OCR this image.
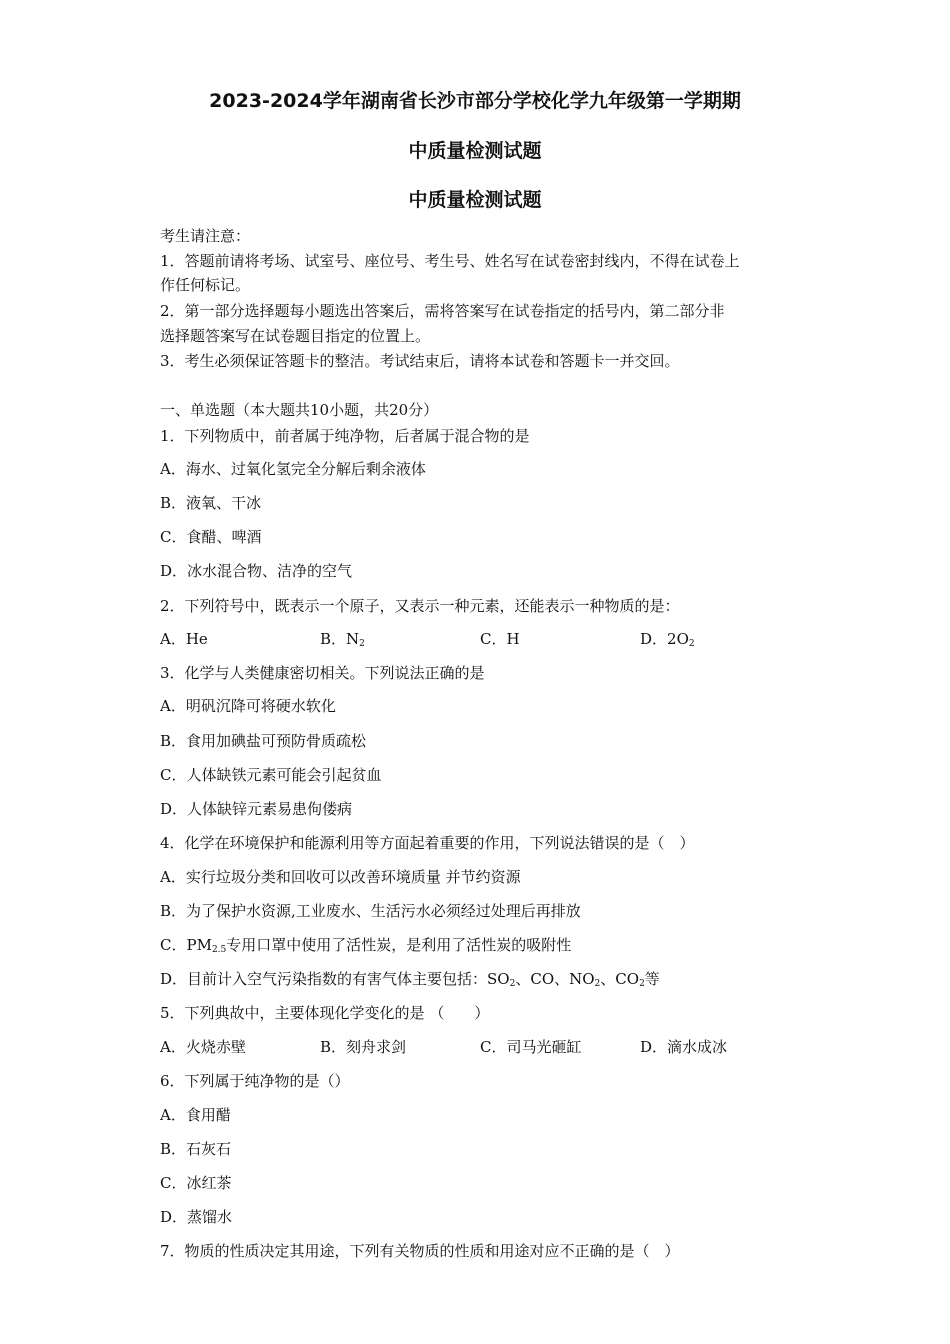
2023-2024学年湖南省长沙市部分学校化学九年级第一学期期
中质量检测试题
中质量检测试题
考生请注意：
1．答题前请将考场、试室号、座位号、考生号、姓名写在试卷密封线内，不得在试卷上
作任何标记。
2．第一部分选择题每小题选出答案后，需将答案写在试卷指定的括号内，第二部分非
选择题答案写在试卷题目指定的位置上。
3．考生必须保证答题卡的整洁。考试结束后，请将本试卷和答题卡一并交回。
一、单选题（本大题共10小题，共20分）
1．下列物质中，前者属于纯净物，后者属于混合物的是
A．海水、过氧化氢完全分解后剩余液体
B．液氧、干冰
C．食醋、啤酒
D．冰水混合物、洁净的空气
2．下列符号中，既表示一个原子，又表示一种元素，还能表示一种物质的是：
A．He	B．$N_2$	C．H	D．$2O_2$
3．化学与人类健康密切相关。下列说法正确的是
A．明矾沉降可将硬水软化
B．食用加碘盐可预防骨质疏松
C．人体缺铁元素可能会引起贫血
D．人体缺锌元素易患佝偻病
4．化学在环境保护和能源利用等方面起着重要的作用，下列说法错误的是（　）
A．实行垃圾分类和回收可以改善环境质量 并节约资源
B．为了保护水资源,工业废水、生活污水必须经过处理后再排放
C．$PM_{2.5}$专用口罩中使用了活性炭，是利用了活性炭的吸附性
D．目前计入空气污染指数的有害气体主要包括：$SO_2$、CO、$NO_2$、$CO_2$等
5．下列典故中，主要体现化学变化的是 （　　）
A．火烧赤壁	B．刻舟求剑	C．司马光砸缸	D．滴水成冰
6．下列属于纯净物的是（）
A．食用醋
B．石灰石
C．冰红茶
D．蒸馏水
7．物质的性质决定其用途，下列有关物质的性质和用途对应不正确的是（　）
